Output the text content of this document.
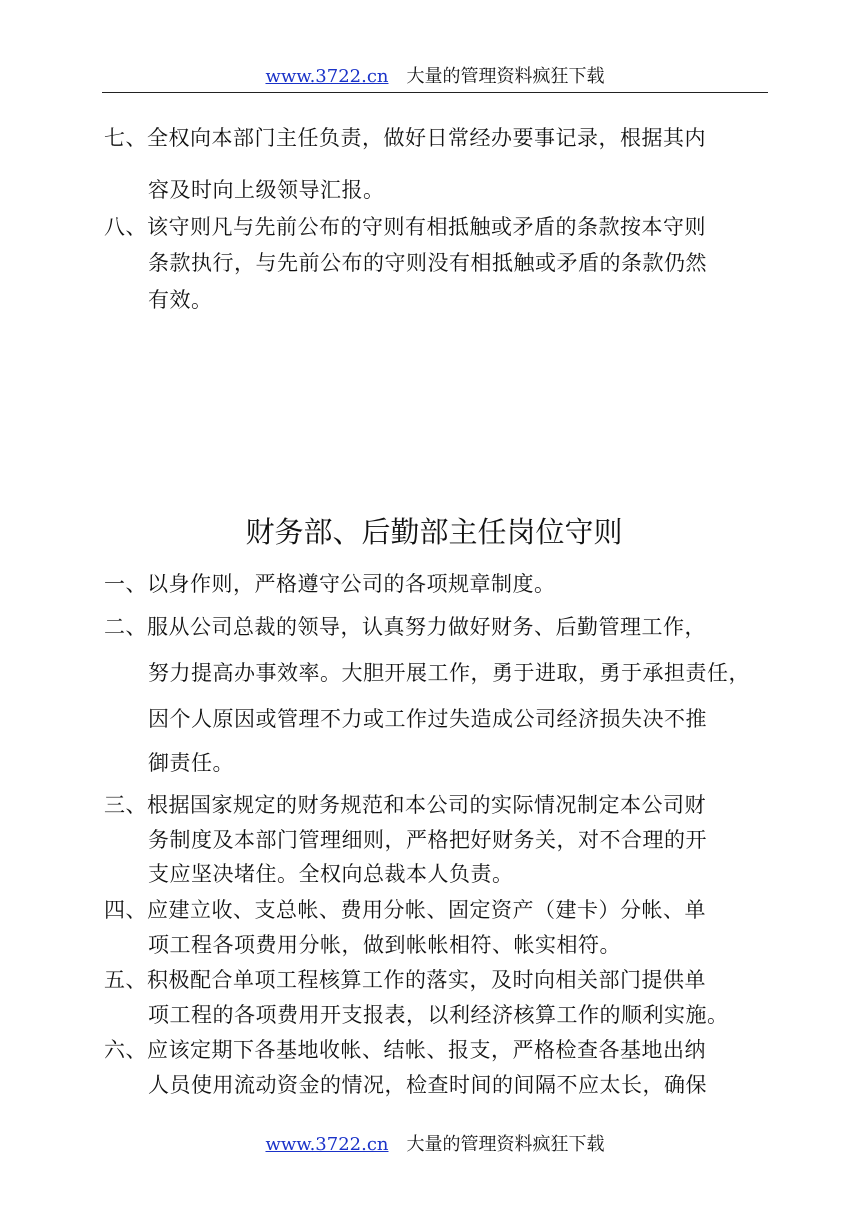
www.3722.cn 大量的管理资料疯狂下载
七、全权向本部门主任负责，做好日常经办要事记录，根据其内
容及时向上级领导汇报。
八、该守则凡与先前公布的守则有相抵触或矛盾的条款按本守则
条款执行，与先前公布的守则没有相抵触或矛盾的条款仍然
有效。
财务部、后勤部主任岗位守则
一、以身作则，严格遵守公司的各项规章制度。
二、服从公司总裁的领导，认真努力做好财务、后勤管理工作，
努力提高办事效率。大胆开展工作，勇于进取，勇于承担责任，
因个人原因或管理不力或工作过失造成公司经济损失决不推
御责任。
三、根据国家规定的财务规范和本公司的实际情况制定本公司财
务制度及本部门管理细则，严格把好财务关，对不合理的开
支应坚决堵住。全权向总裁本人负责。
四、应建立收、支总帐、费用分帐、固定资产（建卡）分帐、单
项工程各项费用分帐，做到帐帐相符、帐实相符。
五、积极配合单项工程核算工作的落实，及时向相关部门提供单
项工程的各项费用开支报表，以利经济核算工作的顺利实施。
六、应该定期下各基地收帐、结帐、报支，严格检查各基地出纳
人员使用流动资金的情况，检查时间的间隔不应太长，确保
www.3722.cn 大量的管理资料疯狂下载
